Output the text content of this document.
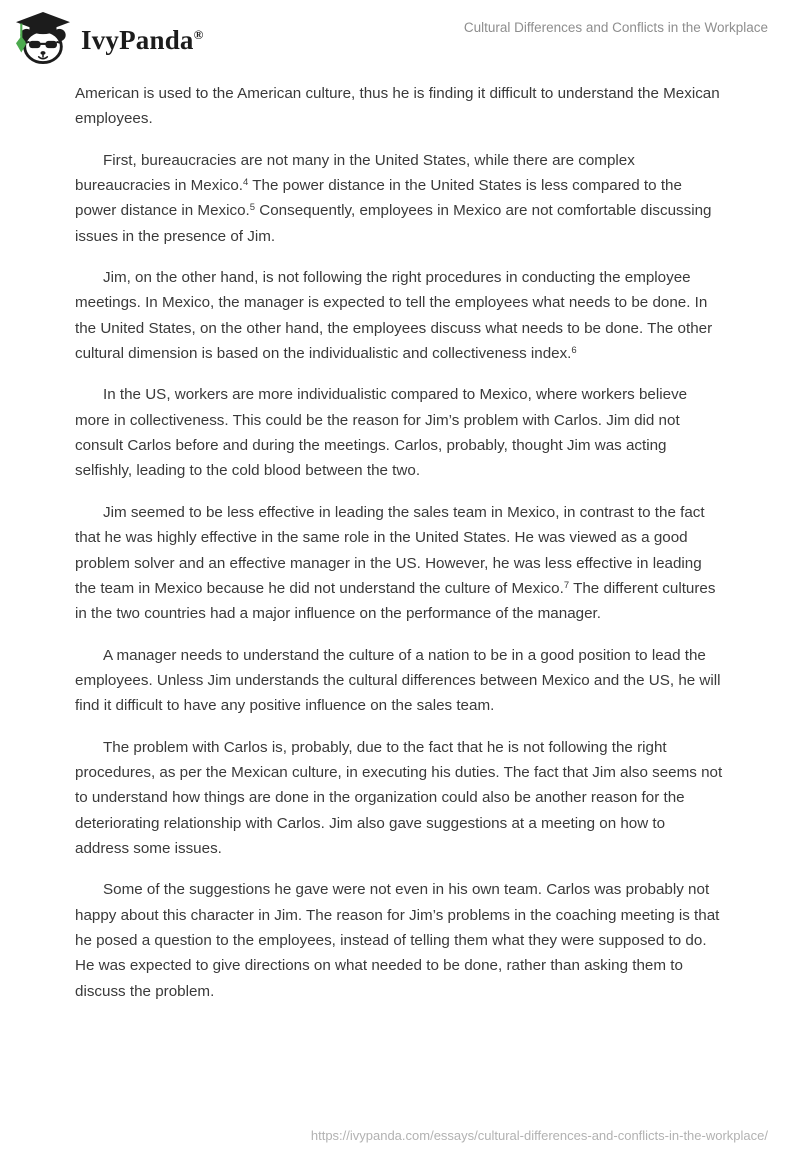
IvyPanda®	Cultural Differences and Conflicts in the Workplace

American is used to the American culture, thus he is finding it difficult to understand the Mexican employees.

First, bureaucracies are not many in the United States, while there are complex bureaucracies in Mexico.$^4$ The power distance in the United States is less compared to the power distance in Mexico.$^5$ Consequently, employees in Mexico are not comfortable discussing issues in the presence of Jim.

Jim, on the other hand, is not following the right procedures in conducting the employee meetings. In Mexico, the manager is expected to tell the employees what needs to be done. In the United States, on the other hand, the employees discuss what needs to be done. The other cultural dimension is based on the individualistic and collectiveness index.$^6$

In the US, workers are more individualistic compared to Mexico, where workers believe more in collectiveness. This could be the reason for Jim’s problem with Carlos. Jim did not consult Carlos before and during the meetings. Carlos, probably, thought Jim was acting selfishly, leading to the cold blood between the two.

Jim seemed to be less effective in leading the sales team in Mexico, in contrast to the fact that he was highly effective in the same role in the United States. He was viewed as a good problem solver and an effective manager in the US. However, he was less effective in leading the team in Mexico because he did not understand the culture of Mexico.$^7$ The different cultures in the two countries had a major influence on the performance of the manager.

A manager needs to understand the culture of a nation to be in a good position to lead the employees. Unless Jim understands the cultural differences between Mexico and the US, he will find it difficult to have any positive influence on the sales team.

The problem with Carlos is, probably, due to the fact that he is not following the right procedures, as per the Mexican culture, in executing his duties. The fact that Jim also seems not to understand how things are done in the organization could also be another reason for the deteriorating relationship with Carlos. Jim also gave suggestions at a meeting on how to address some issues.

Some of the suggestions he gave were not even in his own team. Carlos was probably not happy about this character in Jim. The reason for Jim’s problems in the coaching meeting is that he posed a question to the employees, instead of telling them what they were supposed to do. He was expected to give directions on what needed to be done, rather than asking them to discuss the problem.

https://ivypanda.com/essays/cultural-differences-and-conflicts-in-the-workplace/
